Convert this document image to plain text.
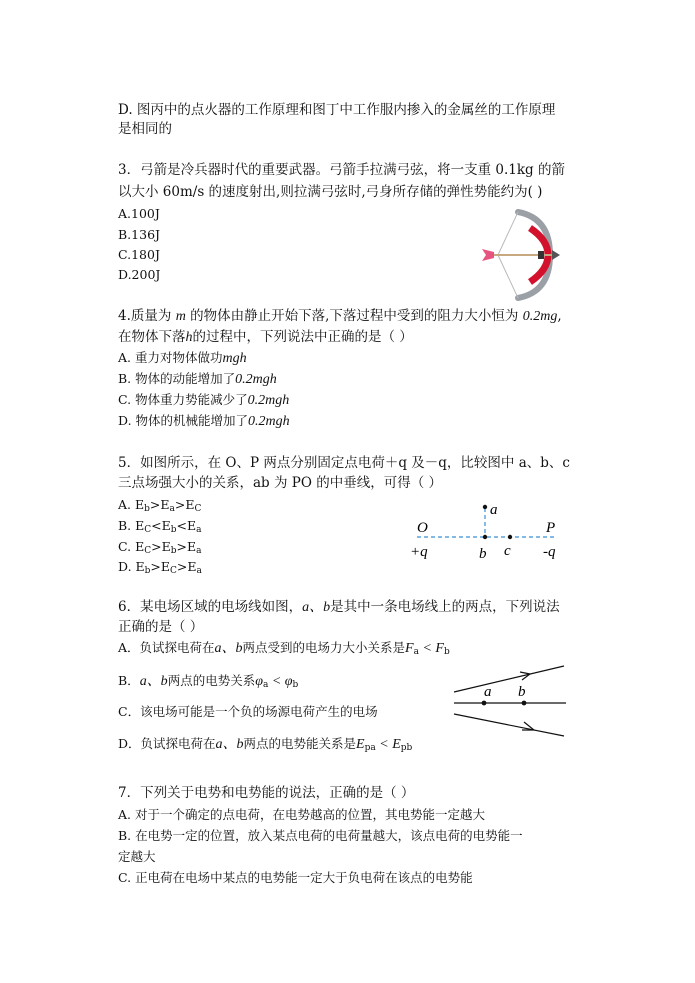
D. 图丙中的点火器的工作原理和图丁中工作服内掺入的金属丝的工作原理
是相同的
3．弓箭是冷兵器时代的重要武器。弓箭手拉满弓弦，将一支重 0.1kg 的箭
以大小 60m/s 的速度射出,则拉满弓弦时,弓身所存储的弹性势能约为( )
A.100J
B.136J
C.180J
D.200J
4.质量为 m 的物体由静止开始下落,下落过程中受到的阻力大小恒为 0.2mg,
在物体下落h的过程中，下列说法中正确的是（ ）
A. 重力对物体做功mgh
B. 物体的动能增加了0.2mgh
C. 物体重力势能减少了0.2mgh
D. 物体的机械能增加了0.2mgh
5．如图所示，在 O、P 两点分别固定点电荷＋q 及－q，比较图中 a、b、c
三点场强大小的关系，ab 为 PO 的中垂线，可得（ ）
A. $E_b>E_a>E_C$
B. $E_C<E_b<E_a$
C. $E_C>E_b>E_a$
D. $E_b>E_C>E_a$
O
+q
a
b c
P
-q
6．某电场区域的电场线如图，a、b是其中一条电场线上的两点，下列说法
正确的是（ ）
A．负试探电荷在a、b两点受到的电场力大小关系是$F_a < F_b$
B．a、b两点的电势关系$\varphi_a < \varphi_b$
C．该电场可能是一个负的场源电荷产生的电场
D．负试探电荷在a、b两点的电势能关系是$E_{pa} < E_{pb}$
a b
7．下列关于电势和电势能的说法，正确的是（ ）
A. 对于一个确定的点电荷，在电势越高的位置，其电势能一定越大
B. 在电势一定的位置，放入某点电荷的电荷量越大，该点电荷的电势能一
定越大
C. 正电荷在电场中某点的电势能一定大于负电荷在该点的电势能
